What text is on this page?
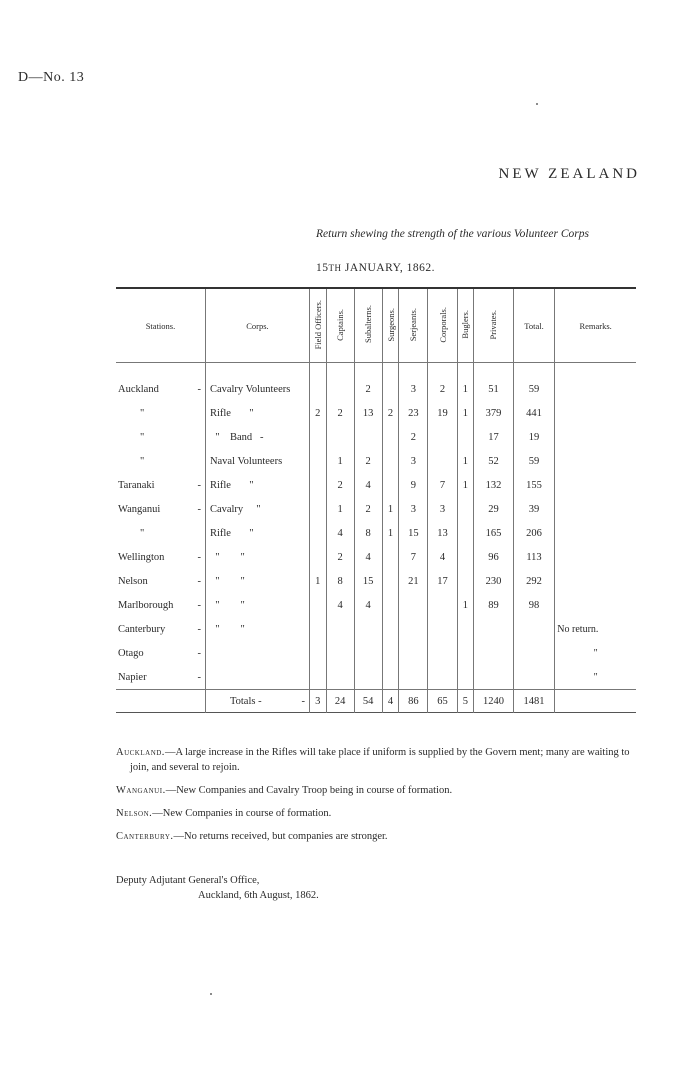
D—No. 13
NEW ZEALAND
Return shewing the strength of the various Volunteer Corps
15TH JANUARY, 1862.
Stations.	Corps.	Field Officers.	Captains.	Subalterns.	Surgeons.	Serjeants.	Corporals.	Buglers.	Privates.	Total.	Remarks.
Auckland -	Cavalry Volunteers			2		3	2	1	51	59	
"	Rifle       "	2	2	13	2	23	19	1	379	441	
"	"    Band   -					2			17	19	
"	Naval Volunteers		1	2		3		1	52	59	
Taranaki -	Rifle       "		2	4		9	7	1	132	155	
Wanganui -	Cavalry     "		1	2	1	3	3		29	39	
"	Rifle       "		4	8	1	15	13		165	206	
Wellington -	"        "		2	4		7	4		96	113	
Nelson -	"        "	1	8	15		21	17		230	292	
Marlborough -	"        "		4	4				1	89	98	
Canterbury -	"        "										No return.
Otago -											"
Napier -											"
	Totals - -	3	24	54	4	86	65	5	1240	1481	

Auckland.—A large increase in the Rifles will take place if uniform is supplied by the Govern ment; many are waiting to join, and several to rejoin.

Wanganui.—New Companies and Cavalry Troop being in course of formation.

Nelson.—New Companies in course of formation.

Canterbury.—No returns received, but companies are stronger.

Deputy Adjutant General's Office,
Auckland, 6th August, 1862.
